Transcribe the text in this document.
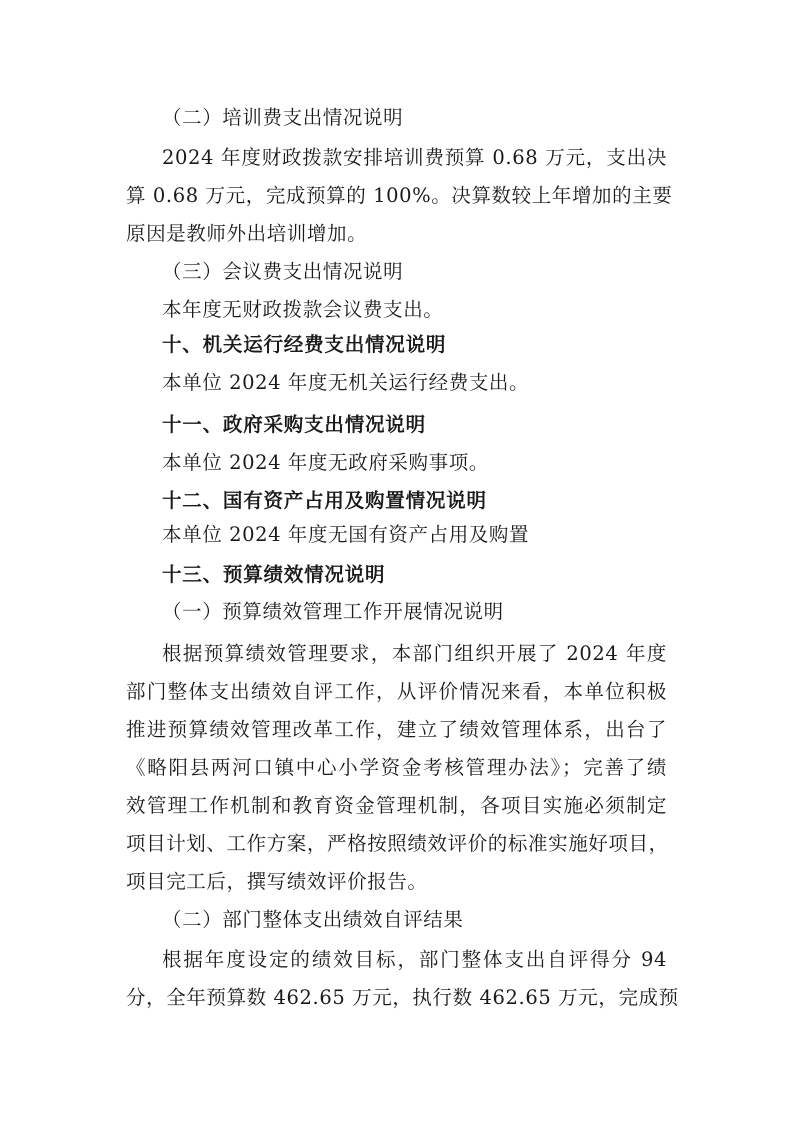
（二）培训费支出情况说明
2024 年度财政拨款安排培训费预算 0.68 万元，支出决
算 0.68 万元，完成预算的 100%。决算数较上年增加的主要
原因是教师外出培训增加。
（三）会议费支出情况说明
本年度无财政拨款会议费支出。
十、机关运行经费支出情况说明
本单位 2024 年度无机关运行经费支出。
十一、政府采购支出情况说明
本单位 2024 年度无政府采购事项。
十二、国有资产占用及购置情况说明
本单位 2024 年度无国有资产占用及购置
十三、预算绩效情况说明
（一）预算绩效管理工作开展情况说明
根据预算绩效管理要求，本部门组织开展了 2024 年度
部门整体支出绩效自评工作，从评价情况来看，本单位积极
推进预算绩效管理改革工作，建立了绩效管理体系，出台了
《略阳县两河口镇中心小学资金考核管理办法》；完善了绩
效管理工作机制和教育资金管理机制，各项目实施必须制定
项目计划、工作方案，严格按照绩效评价的标准实施好项目，
项目完工后，撰写绩效评价报告。
（二）部门整体支出绩效自评结果
根据年度设定的绩效目标，部门整体支出自评得分 94
分，全年预算数 462.65 万元，执行数 462.65 万元，完成预
